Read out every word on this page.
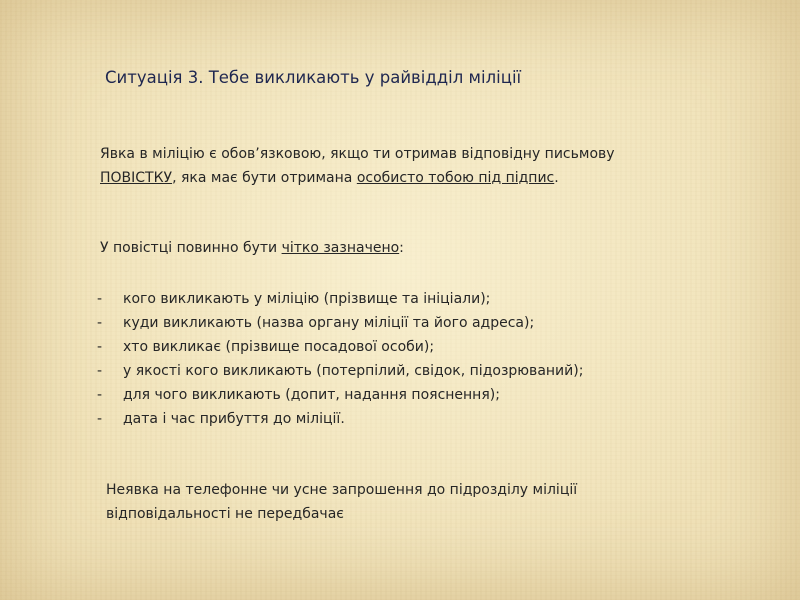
Ситуація 3. Тебе викликають у райвідділ міліції
Явка в міліцію є обов’язковою, якщо ти отримав відповідну письмову
ПОВІСТКУ, яка має бути отримана особисто тобою під підпис.
У повістці повинно бути чітко зазначено:
- кого викликають у міліцію (прізвище та ініціали);
- куди викликають (назва органу міліції та його адреса);
- хто викликає (прізвище посадової особи);
- у якості кого викликають (потерпілий, свідок, підозрюваний);
- для чого викликають (допит, надання пояснення);
- дата і час прибуття до міліції.
Неявка на телефонне чи усне запрошення до підрозділу міліції
відповідальності не передбачає
